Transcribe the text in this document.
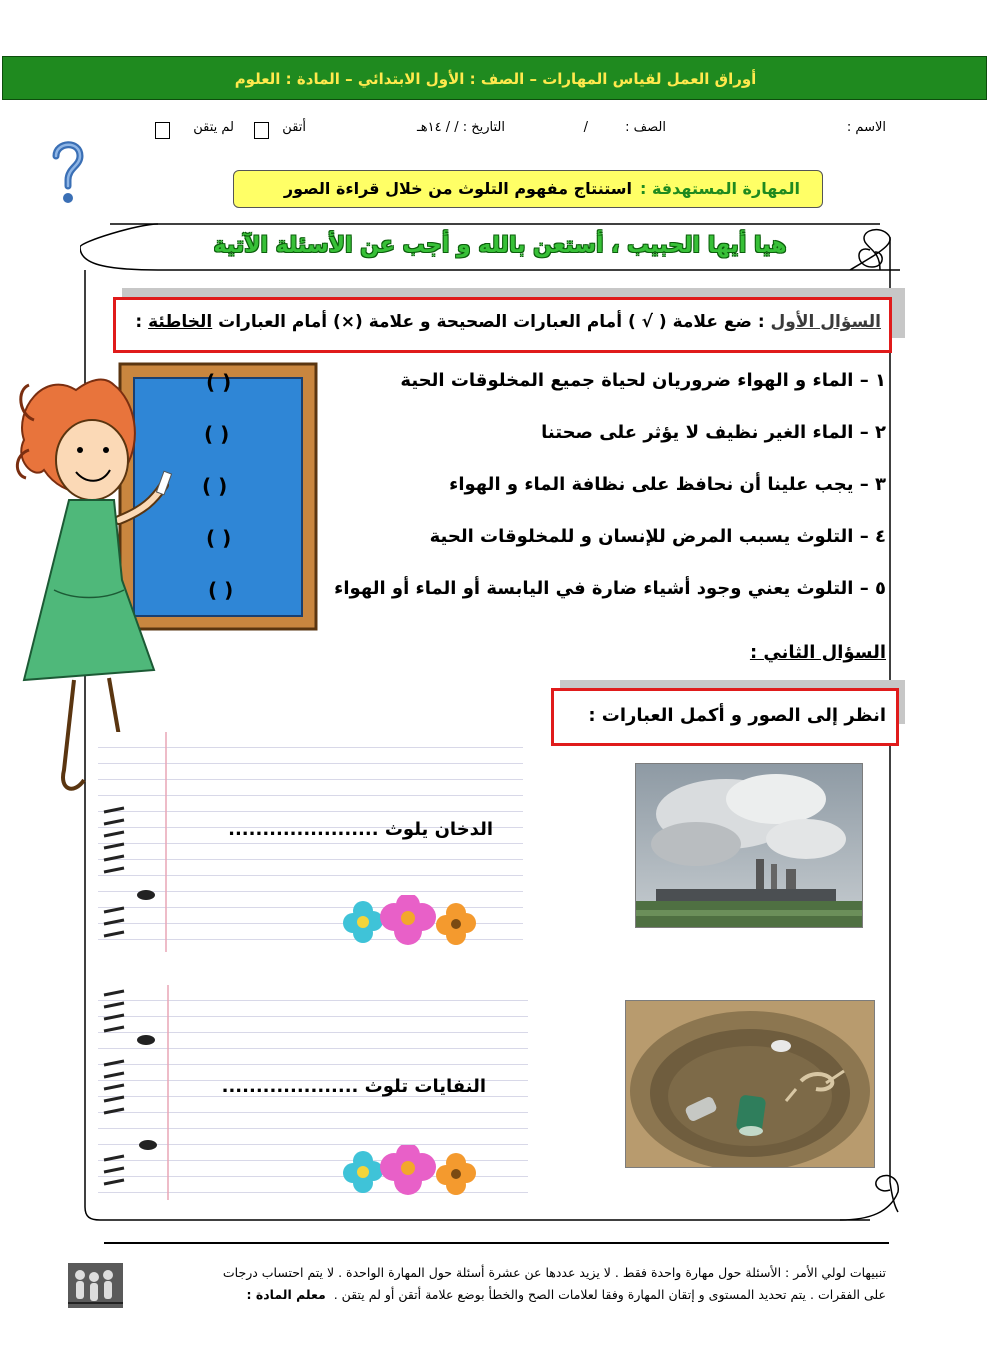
أوراق العمل لقياس المهارات – الصف : الأول الابتدائي – المادة : العلوم
الاسم :
الصف :
/
التاريخ : / / ١٤هـ
أتقن
لم يتقن
المهارة المستهدفة :
استنتاج مفهوم التلوث من خلال قراءة الصور
هيا أيها الحبيب ، أستعن بالله و أجب عن الأسئلة الآتية
السؤال الأول : ضع علامة ( √ ) أمام العبارات الصحيحة و علامة (×) أمام العبارات الخاطئة :
١ – الماء و الهواء ضروريان لحياة جميع المخلوقات الحية
( )
٢ – الماء الغير نظيف لا يؤثر على صحتنا
( )
٣ – يجب علينا أن نحافظ على نظافة الماء و الهواء
( )
٤ – التلوث يسبب المرض للإنسان و للمخلوقات الحية
( )
٥ – التلوث يعني وجود أشياء ضارة في اليابسة أو الماء أو الهواء
( )
السؤال الثاني :
انظر إلى الصور و أكمل العبارات :
الدخان يلوث ......................
النفايات تلوث ....................
تنبيهات لولي الأمر : الأسئلة حول مهارة واحدة فقط . لا يزيد عددها عن عشرة أسئلة حول المهارة الواحدة . لا يتم احتساب درجات
على الفقرات . يتم تحديد المستوى و إتقان المهارة وفقا لعلامات الصح والخطأ بوضع علامة أتقن أو لم يتقن .  معلم المادة :
